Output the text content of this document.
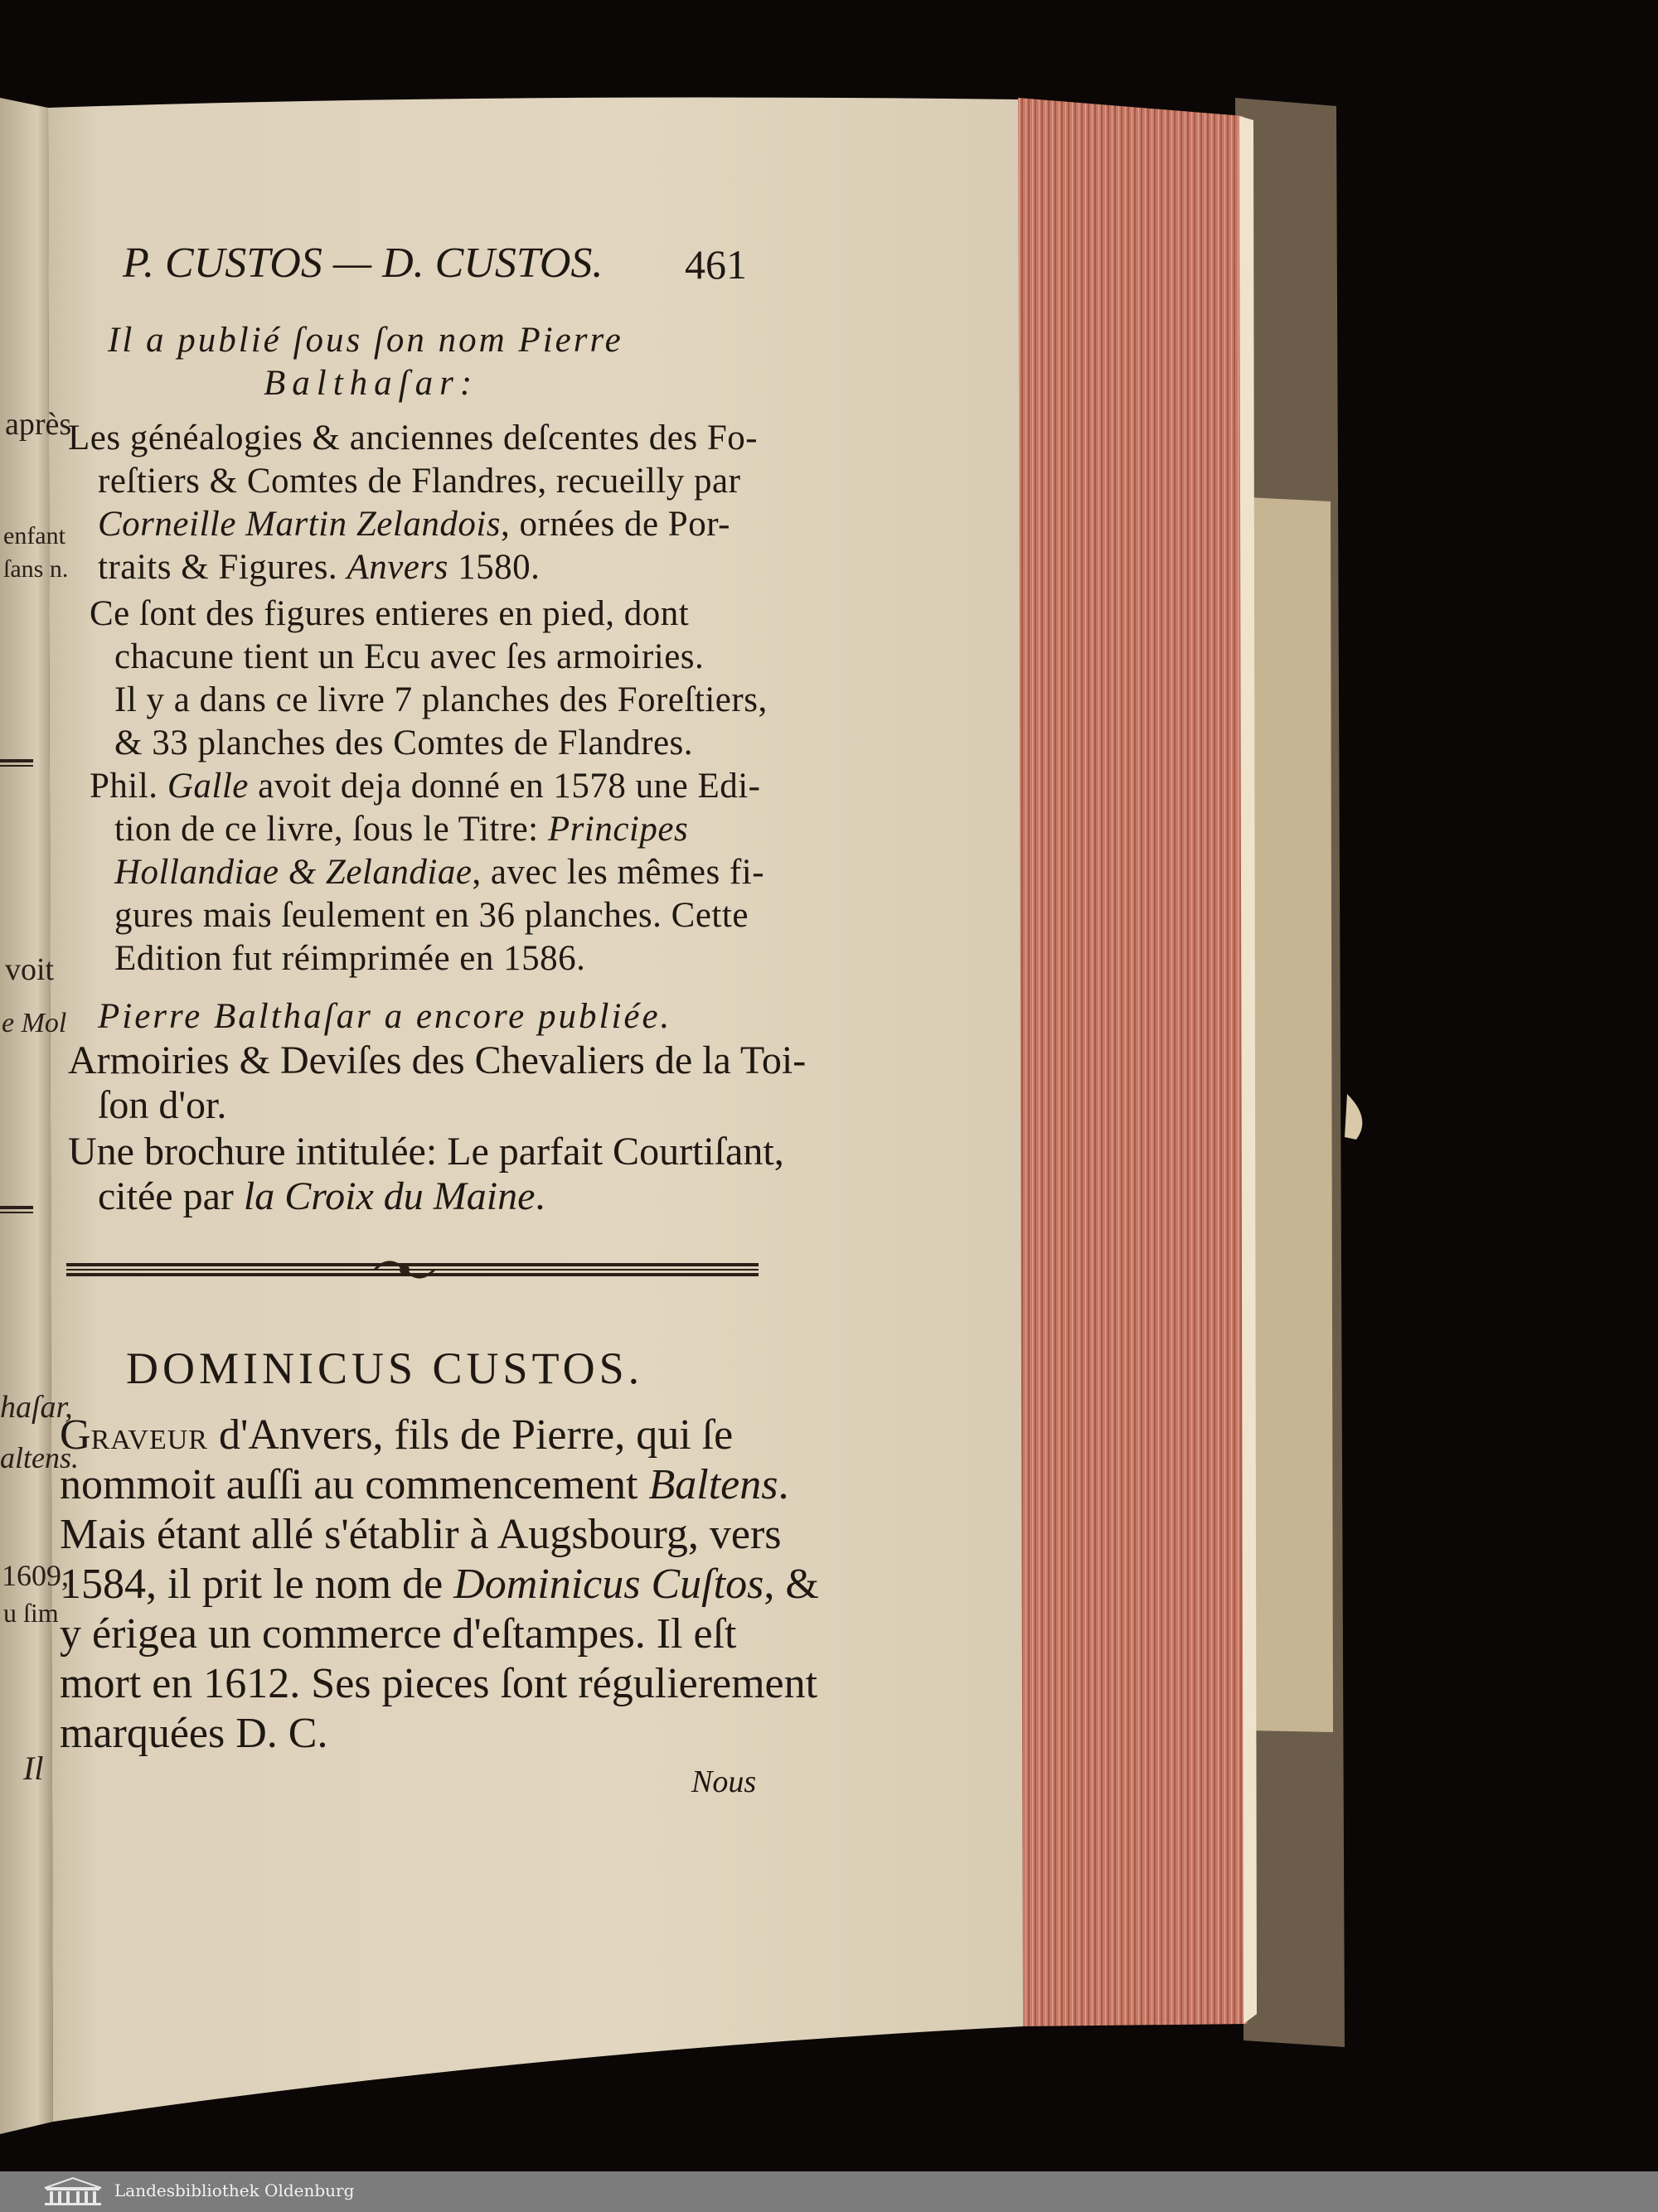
après
enfant
ſans n.
voit
e Mol
haſar,
altens.
1609,
u ſim
Il
P. CUSTOS — D. CUSTOS. 461
Il a publié ſous ſon nom Pierre
Balthaſar:
Les généalogies & anciennes deſcentes des Fo-
reſtiers & Comtes de Flandres, recueilly par
Corneille Martin Zelandois, ornées de Por-
traits & Figures. Anvers 1580.
Ce ſont des figures entieres en pied, dont
chacune tient un Ecu avec ſes armoiries.
Il y a dans ce livre 7 planches des Foreſtiers,
& 33 planches des Comtes de Flandres.
Phil. Galle avoit deja donné en 1578 une Edi-
tion de ce livre, ſous le Titre: Principes
Hollandiae & Zelandiae, avec les mêmes fi-
gures mais ſeulement en 36 planches. Cette
Edition fut réimprimée en 1586.
Pierre Balthaſar a encore publiée.
Armoiries & Deviſes des Chevaliers de la Toi-
ſon d'or.
Une brochure intitulée: Le parfait Courtiſant,
citée par la Croix du Maine.
DOMINICUS CUSTOS.
GRAVEUR d'Anvers, fils de Pierre, qui ſe
nommoit auſſi au commencement Baltens.
Mais étant allé s'établir à Augsbourg, vers
1584, il prit le nom de Dominicus Cuſtos, &
y érigea un commerce d'eſtampes. Il eſt
mort en 1612. Ses pieces ſont régulierement
marquées D. C.
Nous
Landesbibliothek Oldenburg
